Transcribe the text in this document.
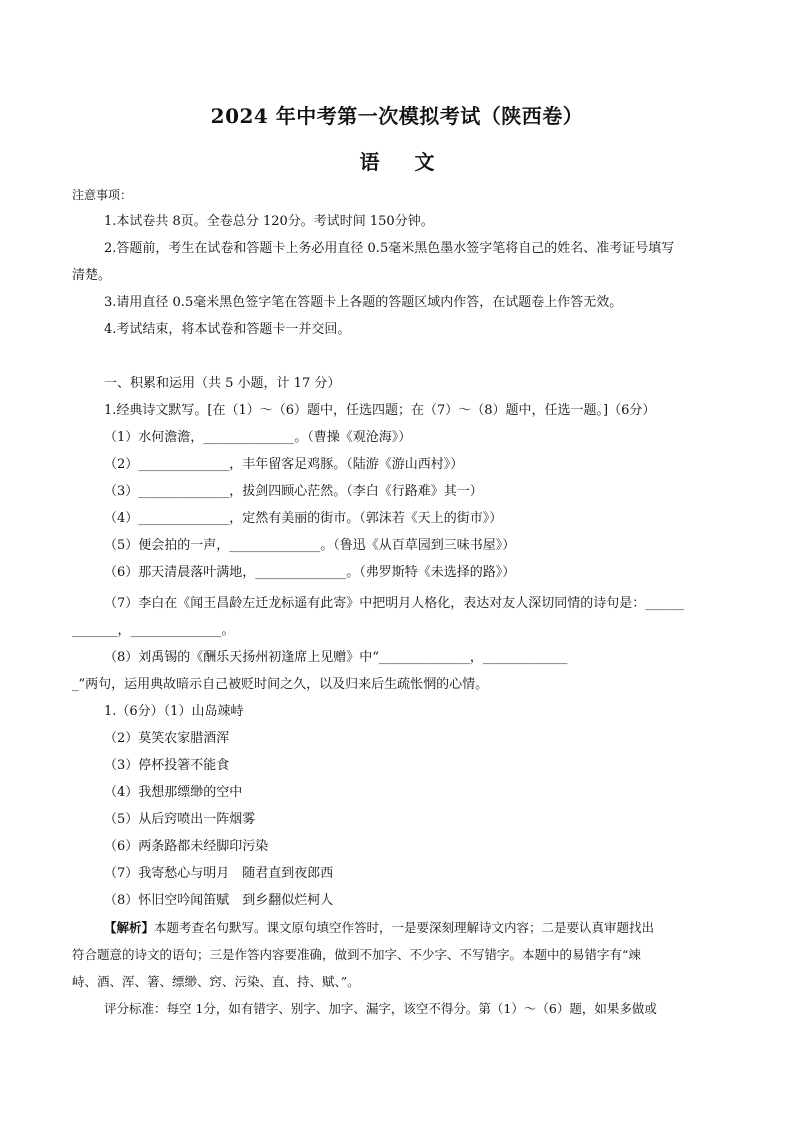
2024 年中考第一次模拟考试（陕西卷）
语 文
注意事项：
1.本试卷共 8页。全卷总分 120分。考试时间 150分钟。
2.答题前，考生在试卷和答题卡上务必用直径 0.5毫米黑色墨水签字笔将自己的姓名、准考证号填写
清楚。
3.请用直径 0.5毫米黑色签字笔在答题卡上各题的答题区域内作答，在试题卷上作答无效。
4.考试结束，将本试卷和答题卡一并交回。
一、积累和运用（共 5 小题，计 17 分）
1.经典诗文默写。[在（1）～（6）题中，任选四题；在（7）～（8）题中，任选一题。]（6分）
（1）水何澹澹，______________。（曹操《观沧海》）
（2）______________，丰年留客足鸡豚。（陆游《游山西村》）
（3）______________，拔剑四顾心茫然。（李白《行路难》其一）
（4）______________，定然有美丽的街市。（郭沫若《天上的街市》）
（5）便会拍的一声，______________。（鲁迅《从百草园到三味书屋》）
（6）那天清晨落叶满地，______________。（弗罗斯特《未选择的路》）
（7）李白在《闻王昌龄左迁龙标遥有此寄》中把明月人格化，表达对友人深切同情的诗句是：______
_______，______________。
（8）刘禹锡的《酬乐天扬州初逢席上见赠》中“______________，_____________
_”两句，运用典故暗示自己被贬时间之久，以及归来后生疏怅惘的心情。
1.（6分）（1）山岛竦峙
（2）莫笑农家腊酒浑
（3）停杯投箸不能食
（4）我想那缥缈的空中
（5）从后窍喷出一阵烟雾
（6）两条路都未经脚印污染
（7）我寄愁心与明月　随君直到夜郎西
（8）怀旧空吟闻笛赋　到乡翻似烂柯人
【解析】本题考查名句默写。课文原句填空作答时，一是要深刻理解诗文内容；二是要认真审题找出
符合题意的诗文的语句；三是作答内容要准确，做到不加字、不少字、不写错字。本题中的易错字有“竦
峙、酒、浑、箸、缥缈、窍、污染、直、持、赋、”。
评分标准：每空 1分，如有错字、别字、加字、漏字，该空不得分。第（1）～（6）题，如果多做或
